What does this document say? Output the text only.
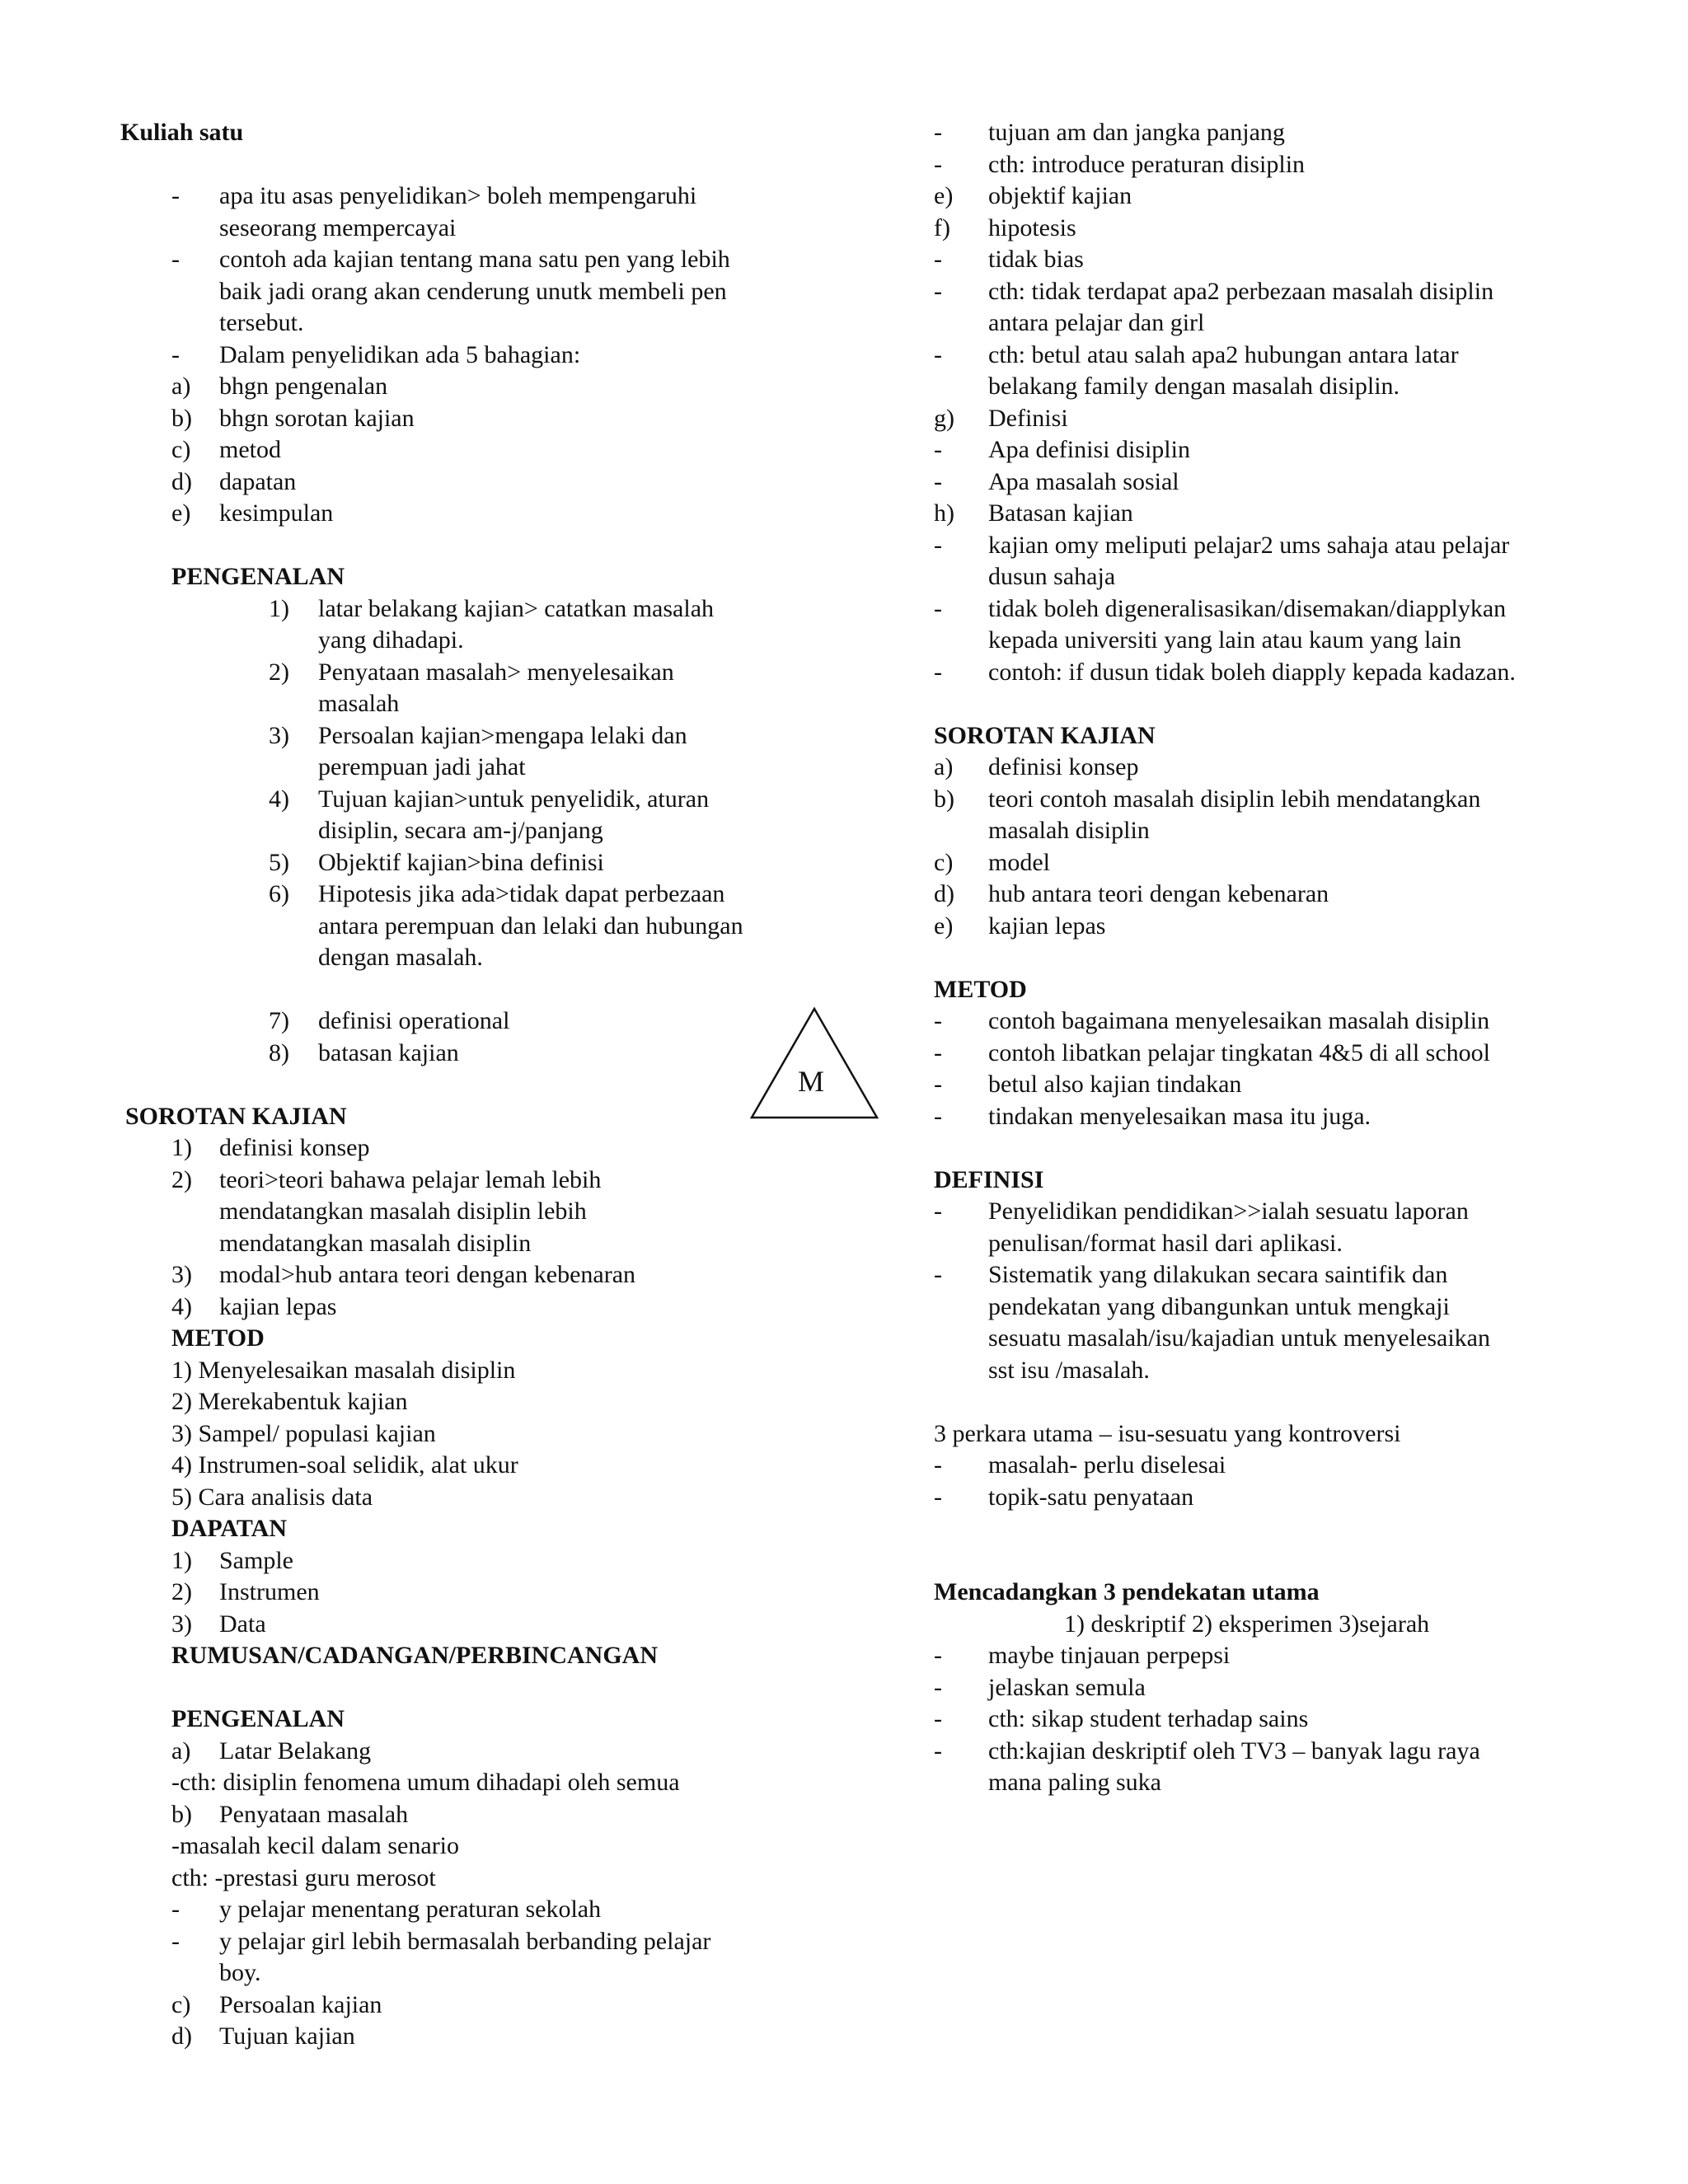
Kuliah satu
- apa itu asas penyelidikan> boleh mempengaruhi
seseorang mempercayai
- contoh ada kajian tentang mana satu pen yang lebih
baik jadi orang akan cenderung unutk membeli pen
tersebut.
- Dalam penyelidikan ada 5 bahagian:
a) bhgn pengenalan
b) bhgn sorotan kajian
c) metod
d) dapatan
e) kesimpulan
PENGENALAN
1) latar belakang kajian> catatkan masalah
yang dihadapi.
2) Penyataan masalah> menyelesaikan
masalah
3) Persoalan kajian>mengapa lelaki dan
perempuan jadi jahat
4) Tujuan kajian>untuk penyelidik, aturan
disiplin, secara am-j/panjang
5) Objektif kajian>bina definisi
6) Hipotesis jika ada>tidak dapat perbezaan
antara perempuan dan lelaki dan hubungan
dengan masalah.
7) definisi operational
8) batasan kajian
SOROTAN KAJIAN
1) definisi konsep
2) teori>teori bahawa pelajar lemah lebih
mendatangkan masalah disiplin lebih
mendatangkan masalah disiplin
3) modal>hub antara teori dengan kebenaran
4) kajian lepas
METOD
1) Menyelesaikan masalah disiplin
2) Merekabentuk kajian
3) Sampel/ populasi kajian
4) Instrumen-soal selidik, alat ukur
5) Cara analisis data
DAPATAN
1) Sample
2) Instrumen
3) Data
RUMUSAN/CADANGAN/PERBINCANGAN
PENGENALAN
a) Latar Belakang
-cth: disiplin fenomena umum dihadapi oleh semua
b) Penyataan masalah
-masalah kecil dalam senario
cth: -prestasi guru merosot
- y pelajar menentang peraturan sekolah
- y pelajar girl lebih bermasalah berbanding pelajar
boy.
c) Persoalan kajian
d) Tujuan kajian
M
- tujuan am dan jangka panjang
- cth: introduce peraturan disiplin
e) objektif kajian
f) hipotesis
- tidak bias
- cth: tidak terdapat apa2 perbezaan masalah disiplin
antara pelajar dan girl
- cth: betul atau salah apa2 hubungan antara latar
belakang family dengan masalah disiplin.
g) Definisi
- Apa definisi disiplin
- Apa masalah sosial
h) Batasan kajian
- kajian omy meliputi pelajar2 ums sahaja atau pelajar
dusun sahaja
- tidak boleh digeneralisasikan/disemakan/diapplykan
kepada universiti yang lain atau kaum yang lain
- contoh: if dusun tidak boleh diapply kepada kadazan.
SOROTAN KAJIAN
a) definisi konsep
b) teori contoh masalah disiplin lebih mendatangkan
masalah disiplin
c) model
d) hub antara teori dengan kebenaran
e) kajian lepas
METOD
- contoh bagaimana menyelesaikan masalah disiplin
- contoh libatkan pelajar tingkatan 4&5 di all school
- betul also kajian tindakan
- tindakan menyelesaikan masa itu juga.
DEFINISI
- Penyelidikan pendidikan>>ialah sesuatu laporan
penulisan/format hasil dari aplikasi.
- Sistematik yang dilakukan secara saintifik dan
pendekatan yang dibangunkan untuk mengkaji
sesuatu masalah/isu/kajadian untuk menyelesaikan
sst isu /masalah.
3 perkara utama – isu-sesuatu yang kontroversi
- masalah- perlu diselesai
- topik-satu penyataan
Mencadangkan 3 pendekatan utama
1) deskriptif 2) eksperimen 3)sejarah
- maybe tinjauan perpepsi
- jelaskan semula
- cth: sikap student terhadap sains
- cth:kajian deskriptif oleh TV3 – banyak lagu raya
mana paling suka
